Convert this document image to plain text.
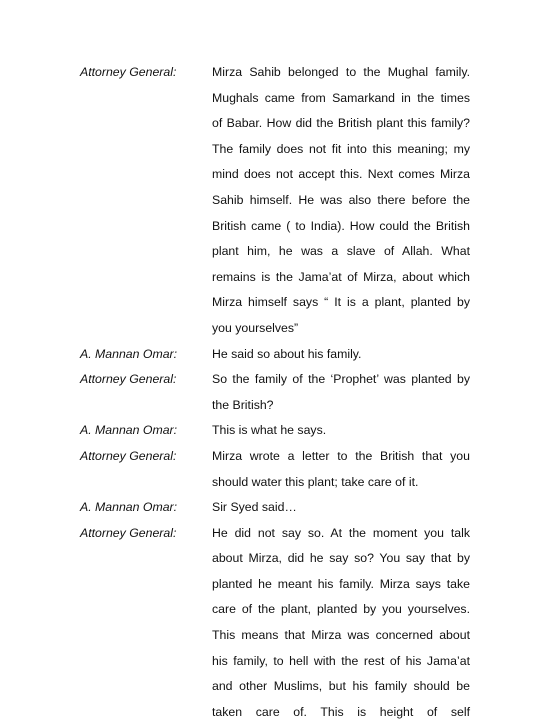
Attorney General:	Mirza Sahib belonged to the Mughal family.
Mughals came from Samarkand in the times
of Babar. How did the British plant this family?
The family does not fit into this meaning; my
mind does not accept this. Next comes Mirza
Sahib himself. He was also there before the
British came ( to India). How could the British
plant him, he was a slave of Allah. What
remains is the Jama’at of Mirza, about which
Mirza himself says “ It is a plant, planted by
you yourselves”
A. Mannan Omar:	He said so about his family.
Attorney General:	So the family of the ‘Prophet’ was planted by
the British?
A. Mannan Omar:	This is what he says.
Attorney General:	Mirza wrote a letter to the British that you
should water this plant; take care of it.
A. Mannan Omar:	Sir Syed said…
Attorney General:	He did not say so. At the moment you talk
about Mirza, did he say so? You say that by
planted he meant his family. Mirza says take
care of the plant, planted by you yourselves.
This means that Mirza was concerned about
his family, to hell with the rest of his Jama’at
and other Muslims, but his family should be
taken care of. This is height of self
